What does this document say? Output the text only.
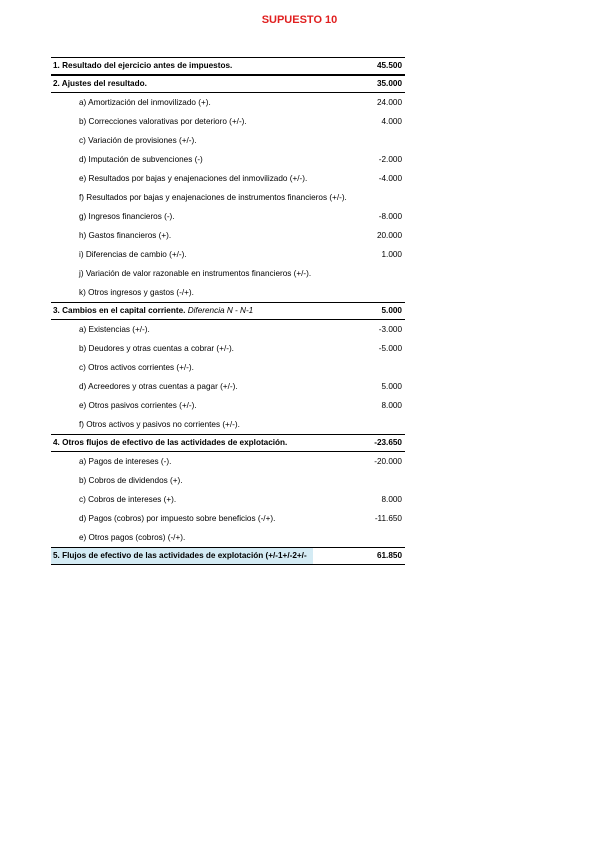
SUPUESTO 10
1. Resultado del ejercicio antes de impuestos.	45.500
2. Ajustes del resultado.	35.000
a) Amortización del inmovilizado (+).	24.000
b) Correcciones valorativas por deterioro (+/-).	4.000
c) Variación de provisiones (+/-).
d) Imputación de subvenciones (-)	-2.000
e) Resultados por bajas y enajenaciones del inmovilizado (+/-).	-4.000
f) Resultados por bajas y enajenaciones de instrumentos financieros (+/-).
g) Ingresos financieros (-).	-8.000
h) Gastos financieros (+).	20.000
i) Diferencias de cambio (+/-).	1.000
j) Variación de valor razonable en instrumentos financieros (+/-).
k) Otros ingresos y gastos (-/+).
3. Cambios en el capital corriente. Diferencia N - N-1	5.000
a) Existencias (+/-).	-3.000
b) Deudores y otras cuentas a cobrar (+/-).	-5.000
c) Otros activos corrientes (+/-).
d) Acreedores y otras cuentas a pagar (+/-).	5.000
e) Otros pasivos corrientes (+/-).	8.000
f) Otros activos y pasivos no corrientes (+/-).
4. Otros flujos de efectivo de las actividades de explotación.	-23.650
a) Pagos de intereses (-).	-20.000
b) Cobros de dividendos (+).
c) Cobros de intereses (+).	8.000
d) Pagos (cobros) por impuesto sobre beneficios (-/+).	-11.650
e) Otros pagos (cobros) (-/+).
5. Flujos de efectivo de las actividades de explotación (+/-1+/-2+/-	61.850
